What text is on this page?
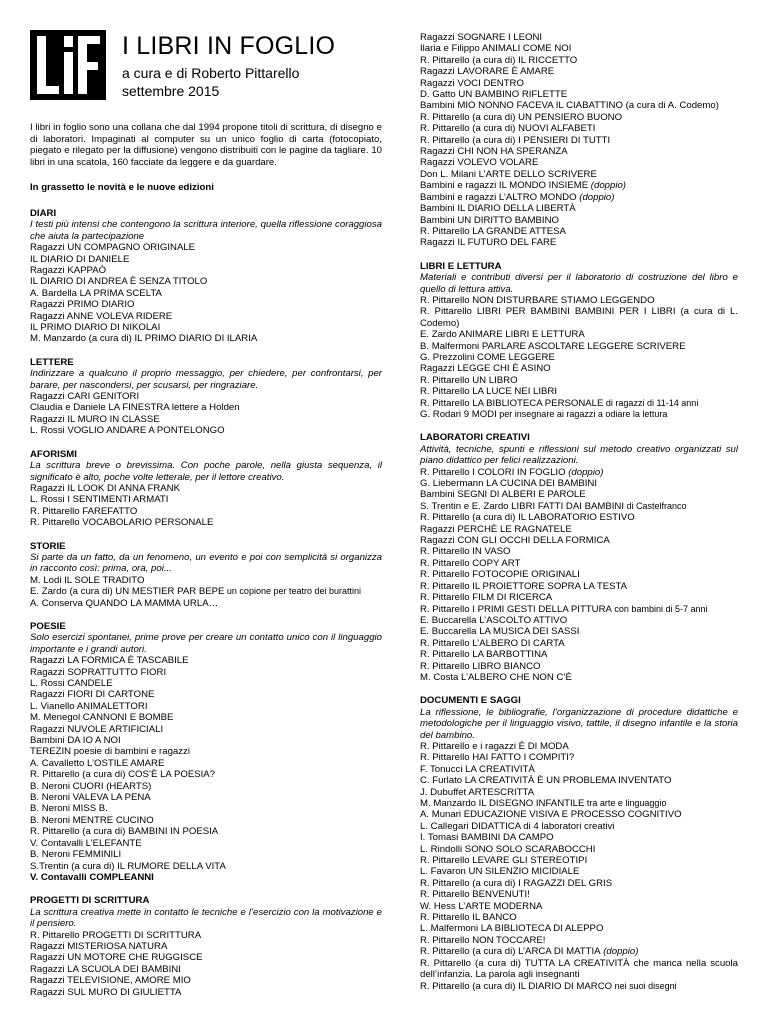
I LIBRI IN FOGLIO
a cura e di Roberto Pittarello
settembre 2015

I libri in foglio sono una collana che dal 1994 propone titoli di scrittura, di disegno e di laboratori. Impaginati al computer su un unico foglio di carta (fotocopiato, piegato e rilegato per la diffusione) vengono distribuiti con le pagine da tagliare. 10 libri in una scatola, 160 facciate da leggere e da guardare.

In grassetto le novità e le nuove edizioni
DIARI
I testi più intensi che contengono la scrittura interiore, quella riflessione coraggiosa che aiuta la partecipazione
Ragazzi UN COMPAGNO ORIGINALE
IL DIARIO DI DANIELE
Ragazzi KAPPAÒ
IL DIARIO DI ANDREA È SENZA TITOLO
A. Bardella LA PRIMA SCELTA
Ragazzi PRIMO DIARIO
Ragazzi ANNE VOLEVA RIDERE
IL PRIMO DIARIO DI NIKOLAI
M. Manzardo (a cura di) IL PRIMO DIARIO DI ILARIA
LETTERE
Indirizzare a qualcuno il proprio messaggio, per chiedere, per confrontarsi, per barare, per nascondersi, per scusarsi, per ringraziare.
Ragazzi CARI GENITORI
Claudia e Daniele LA FINESTRA lettere a Holden
Ragazzi IL MURO IN CLASSE
L. Rossi VOGLIO ANDARE A PONTELONGO
AFORISMI
La scrittura breve o brevissima. Con poche parole, nella giusta sequenza, il significato è alto, poche volte letterale, per il lettore creativo.
Ragazzi IL LOOK DI ANNA FRANK
L. Rossi I SENTIMENTI ARMATI
R. Pittarello FAREFATTO
R. Pittarello VOCABOLARIO PERSONALE
STORIE
Si parte da un fatto, da un fenomeno, un evento e poi con semplicità si organizza in racconto così: prima, ora, poi...
M. Lodi IL SOLE TRADITO
E. Zardo (a cura di) UN MESTIER PAR BEPE un copione per teatro dei burattini
A. Conserva QUANDO LA MAMMA URLA…
POESIE
Solo esercizi spontanei, prime prove per creare un contatto unico con il linguaggio importante e i grandi autori.
Ragazzi LA FORMICA È TASCABILE
Ragazzi SOPRATTUTTO FIORI
L. Rossi CANDELE
Ragazzi FIORI DI CARTONE
L. Vianello ANIMALETTORI
M. Menegol CANNONI E BOMBE
Ragazzi NUVOLE ARTIFICIALI
Bambini DA IO A NOI
TEREZIN poesie di bambini e ragazzi
A. Cavalletto L’OSTILE AMARE
R. Pittarello (a cura di) COS’È LA POESIA?
B. Neroni CUORI (HEARTS)
B. Neroni VALEVA LA PENA
B. Neroni MISS B.
B. Neroni MENTRE CUCINO
R. Pittarello (a cura di) BAMBINI IN POESIA
V. Contavalli L’ELEFANTE
B. Neroni FEMMINILI
S.Trentin (a cura di) IL RUMORE DELLA VITA
V. Contavalli COMPLEANNI
PROGETTI DI SCRITTURA
La scrittura creativa mette in contatto le tecniche e l’esercizio con la motivazione e il pensiero.
R. Pittarello PROGETTI DI SCRITTURA
Ragazzi MISTERIOSA NATURA
Ragazzi UN MOTORE CHE RUGGISCE
Ragazzi LA SCUOLA DEI BAMBINI
Ragazzi TELEVISIONE, AMORE MIO
Ragazzi SUL MURO DI GIULIETTA
Ragazzi SOGNARE I LEONI
Ilaria e Filippo ANIMALI COME NOI
R. Pittarello (a cura di) IL RICCETTO
Ragazzi LAVORARE È AMARE
Ragazzi VOCI DENTRO
D. Gatto UN BAMBINO RIFLETTE
Bambini MIO NONNO FACEVA IL CIABATTINO (a cura di A. Codemo)
R. Pittarello (a cura di) UN PENSIERO BUONO
R. Pittarello (a cura di) NUOVI ALFABETI
R. Pittarello (a cura di) I PENSIERI DI TUTTI
Ragazzi CHI NON HA SPERANZA
Ragazzi VOLEVO VOLARE
Don L. Milani L’ARTE DELLO SCRIVERE
Bambini e ragazzi IL MONDO INSIEME (doppio)
Bambini e ragazzi L’ALTRO MONDO (doppio)
Bambini IL DIARIO DELLA LIBERTÀ
Bambini UN DIRITTO BAMBINO
R. Pittarello LA GRANDE ATTESA
Ragazzi IL FUTURO DEL FARE
LIBRI E LETTURA
Materiali e contributi diversi per il laboratorio di costruzione del libro e quello di lettura attiva.
R. Pittarello NON DISTURBARE STIAMO LEGGENDO
R. Pittarello LIBRI PER BAMBINI BAMBINI PER I LIBRI (a cura di L. Codemo)
E. Zardo ANIMARE LIBRI E LETTURA
B. Malfermoni PARLARE ASCOLTARE LEGGERE SCRIVERE
G. Prezzolini COME LEGGERE
Ragazzi LEGGE CHI È ASINO
R. Pittarello UN LIBRO
R. Pittarello LA LUCE NEI LIBRI
R. Pittarello LA BIBLIOTECA PERSONALE di ragazzi di 11-14 anni
G. Rodari 9 MODI per insegnare ai ragazzi a odiare la lettura
LABORATORI CREATIVI
Attività, tecniche, spunti e riflessioni sul metodo creativo organizzati sul piano didattico per felici realizzazioni.
R. Pittarello I COLORI IN FOGLIO (doppio)
G. Liebermann LA CUCINA DEI BAMBINI
Bambini SEGNI DI ALBERI E PAROLE
S. Trentin e E. Zardo LIBRI FATTI DAI BAMBINI di Castelfranco
R. Pittarello (a cura di) IL LABORATORIO ESTIVO
Ragazzi PERCHÈ LE RAGNATELE
Ragazzi CON GLI OCCHI DELLA FORMICA
R. Pittarello IN VASO
R. Pittarello COPY ART
R. Pittarello FOTOCOPIE ORIGINALI
R. Pittarello IL PROIETTORE SOPRA LA TESTA
R. Pittarello FILM DI RICERCA
R. Pittarello I PRIMI GESTI DELLA PITTURA con bambini di 5-7 anni
E. Buccarella L’ASCOLTO ATTIVO
E. Buccarella LA MUSICA DEI SASSI
R. Pittarello L’ALBERO DI CARTA
R. Pittarello LA BARBOTTINA
R. Pittarello LIBRO BIANCO
M. Costa L’ALBERO CHE NON C’È
DOCUMENTI E SAGGI
La riflessione, le bibliografie, l’organizzazione di procedure didattiche e metodologiche per il linguaggio visivo, tattile, il disegno infantile e la storia del bambino.
R. Pittarello e i ragazzi È DI MODA
R. Pittarello HAI FATTO I COMPITI?
F. Tonucci LA CREATIVITÀ
C. Furlato LA CREATIVITÀ È UN PROBLEMA INVENTATO
J. Dubuffet ARTESCRITTA
M. Manzardo IL DISEGNO INFANTILE tra arte e linguaggio
A. Munari EDUCAZIONE VISIVA E PROCESSO COGNITIVO
L. Callegari DIDATTICA di 4 laboratori creativi
I. Tomasi BAMBINI DA CAMPO
L. Rindolli SONO SOLO SCARABOCCHI
R. Pittarello LEVARE GLI STEREOTIPI
L. Favaron UN SILENZIO MICIDIALE
R. Pittarello (a cura di) I RAGAZZI DEL GRIS
R. Pittarello BENVENUTI!
W. Hess L’ARTE MODERNA
R. Pittarello IL BANCO
L. Malfermoni LA BIBLIOTECA DI ALEPPO
R. Pittarello NON TOCCARE!
R. Pittarello (a cura di) L’ARCA DI MATTIA (doppio)
R. Pittarello (a cura di) TUTTA LA CREATIVITÀ che manca nella scuola dell’infanzia. La parola agli insegnanti
R. Pittarello (a cura di) IL DIARIO DI MARCO nei suoi disegni
